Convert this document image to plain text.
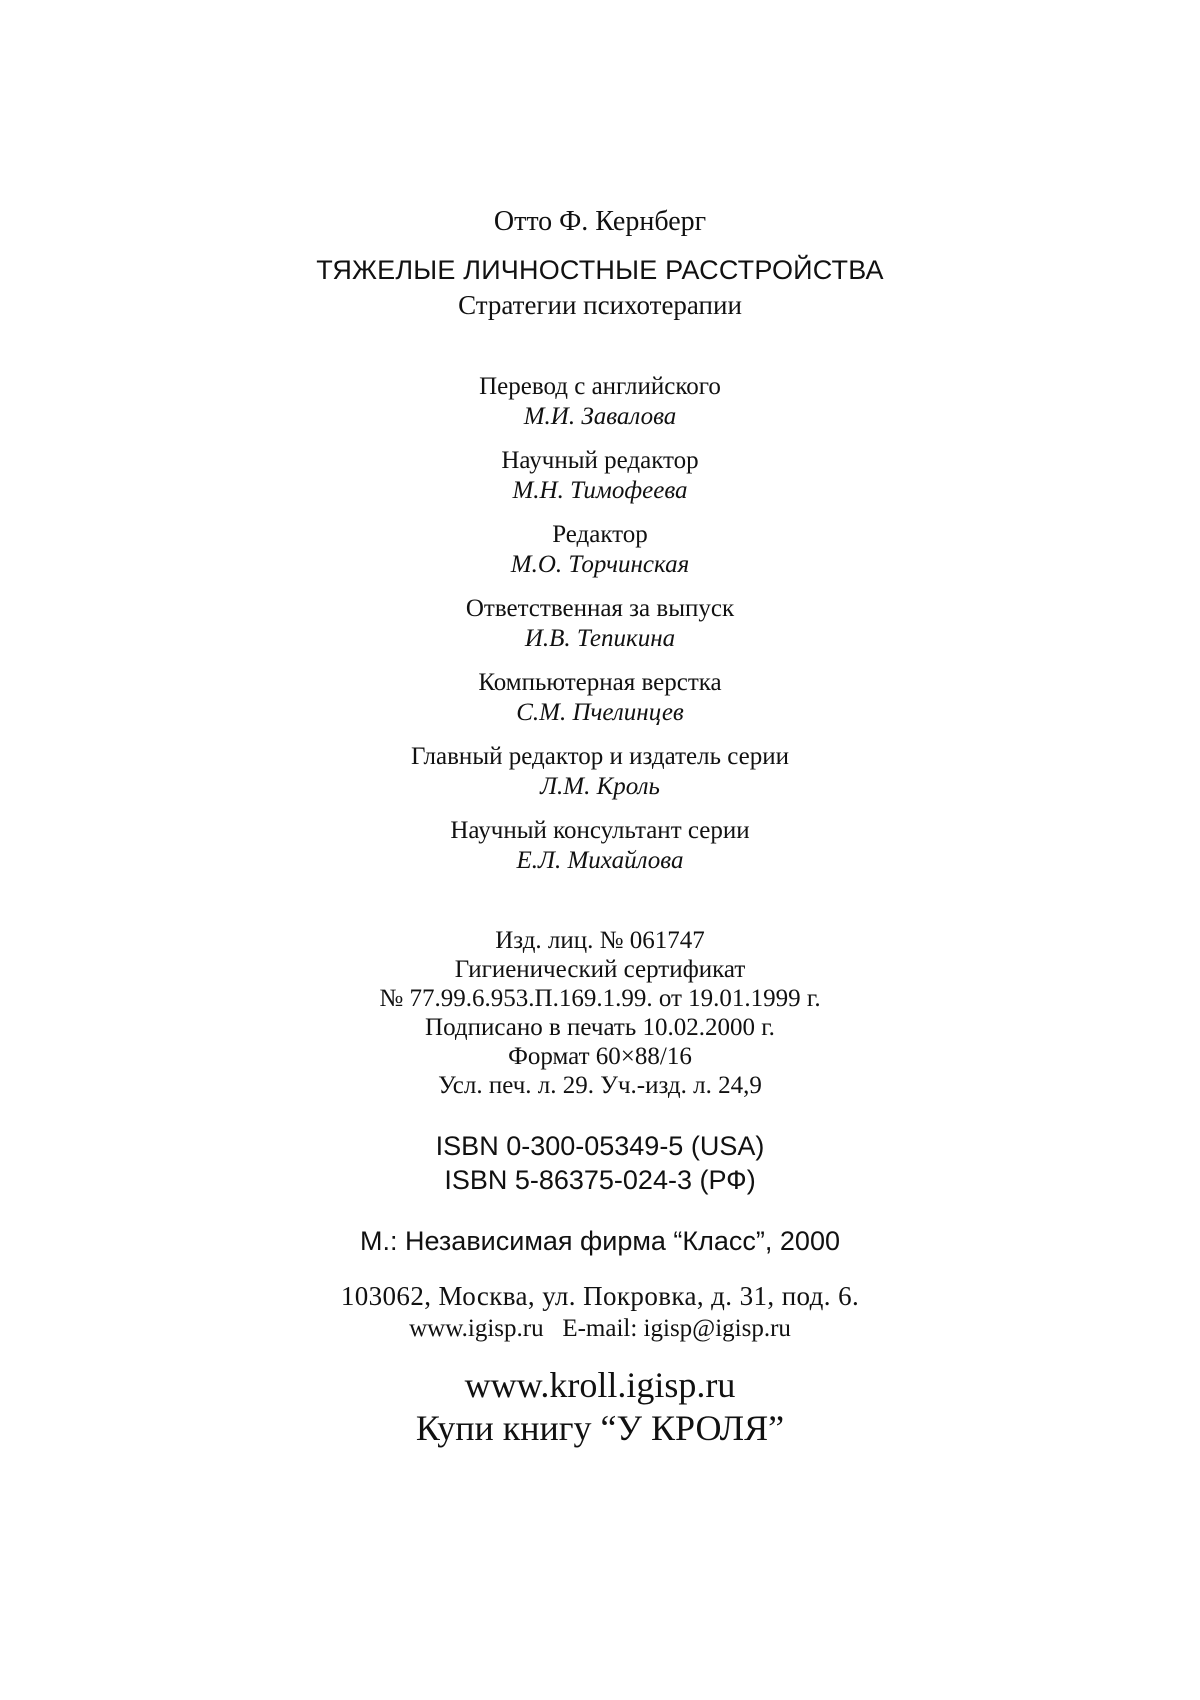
Отто Ф. Кернберг
ТЯЖЕЛЫЕ ЛИЧНОСТНЫЕ РАССТРОЙСТВА
Стратегии психотерапии
Перевод с английского
М.И. Завалова
Научный редактор
М.Н. Тимофеева
Редактор
М.О. Торчинская
Ответственная за выпуск
И.В. Тепикина
Компьютерная верстка
С.М. Пчелинцев
Главный редактор и издатель серии
Л.М. Кроль
Научный консультант серии
Е.Л. Михайлова
Изд. лиц. № 061747
Гигиенический сертификат
№ 77.99.6.953.П.169.1.99. от 19.01.1999 г.
Подписано в печать 10.02.2000 г.
Формат 60×88/16
Усл. печ. л. 29. Уч.-изд. л. 24,9
ISBN 0-300-05349-5 (USA)
ISBN 5-86375-024-3 (РФ)
М.: Независимая фирма “Класс”, 2000
103062, Москва, ул. Покровка, д. 31, под. 6.
www.igisp.ru   E-mail: igisp@igisp.ru
www.kroll.igisp.ru
Купи книгу “У КРОЛЯ”
